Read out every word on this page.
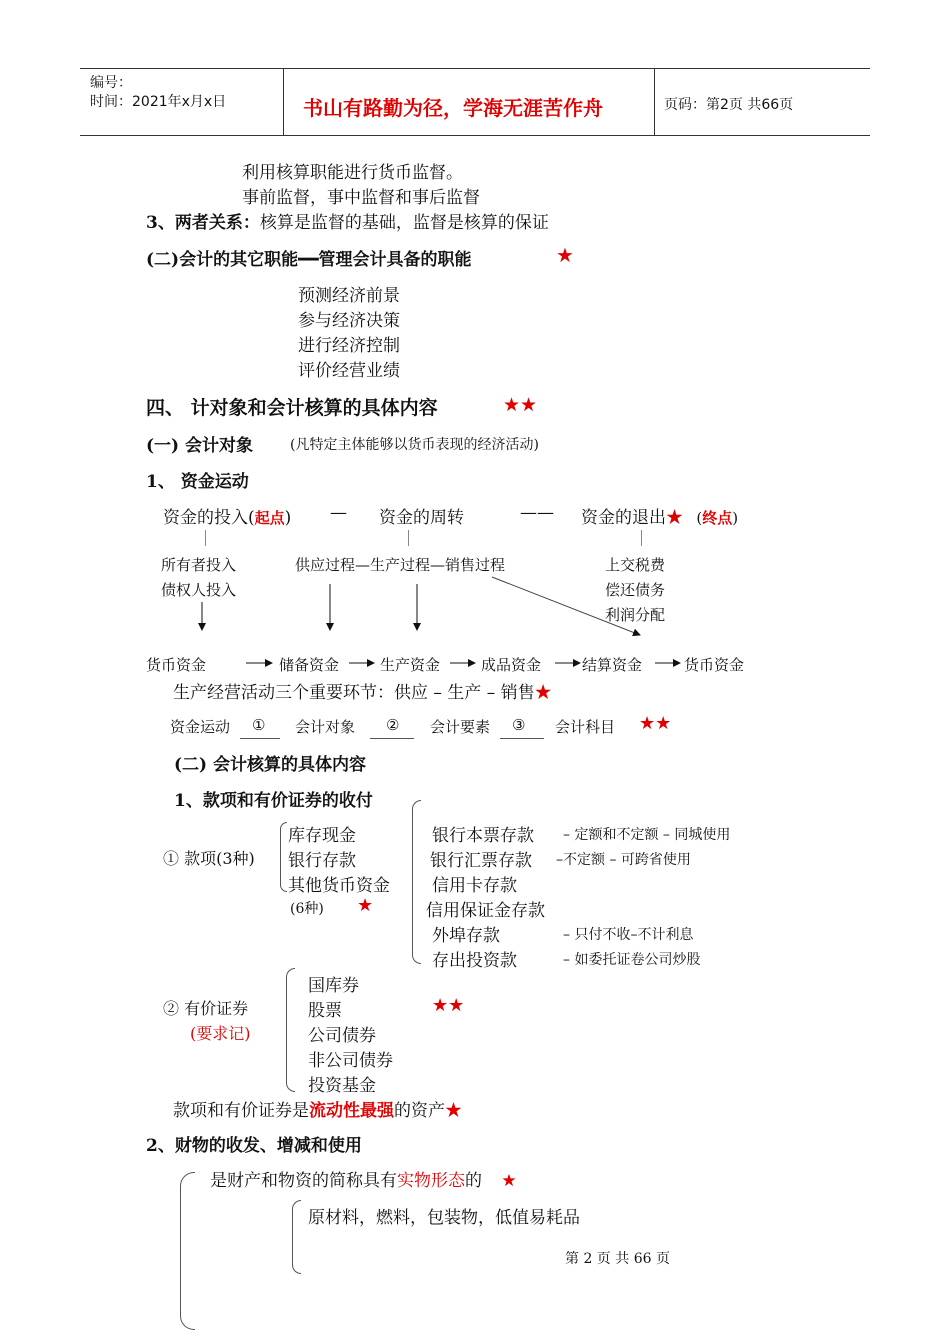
编号：
时间：2021年x月x日	书山有路勤为径，学海无涯苦作舟	页码：第2页 共66页
利用核算职能进行货币监督。
事前监督，事中监督和事后监督
3、两者关系：核算是监督的基础，监督是核算的保证
(二)会计的其它职能━━管理会计具备的职能	★
预测经济前景
参与经济决策
进行经济控制
评价经营业绩
四、 计对象和会计核算的具体内容	★★
(一) 会计对象	(凡特定主体能够以货币表现的经济活动)
1、 资金运动
资金的投入(起点) — 资金的周转	—— 资金的退出★ (终点)
所有者投入
债权人投入
供应过程—生产过程—销售过程	上交税费
偿还债务
利润分配
货币资金	储备资金	生产资金	成品资金	结算资金	货币资金
生产经营活动三个重要环节：供应 – 生产 – 销售★
资金运动 ① 会计对象 ② 会计要素 ③ 会计科目 ★★
(二) 会计核算的具体内容
1、款项和有价证券的收付
① 款项(3种)
库存现金
银行存款
其他货币资金
(6种) ★
银行本票存款 – 定额和不定额 – 同城使用
银行汇票存款 –不定额 – 可跨省使用
信用卡存款
信用保证金存款
外埠存款	– 只付不收–不计利息
存出投资款	– 如委托证卷公司炒股
② 有价证券
(要求记)
国库券
股票	★★
公司债券
非公司债券
投资基金
款项和有价证券是流动性最强的资产★
2、财物的收发、增减和使用
是财产和物资的简称具有实物形态的 ★
原材料，燃料，包装物，低值易耗品
第 2 页 共 66 页
